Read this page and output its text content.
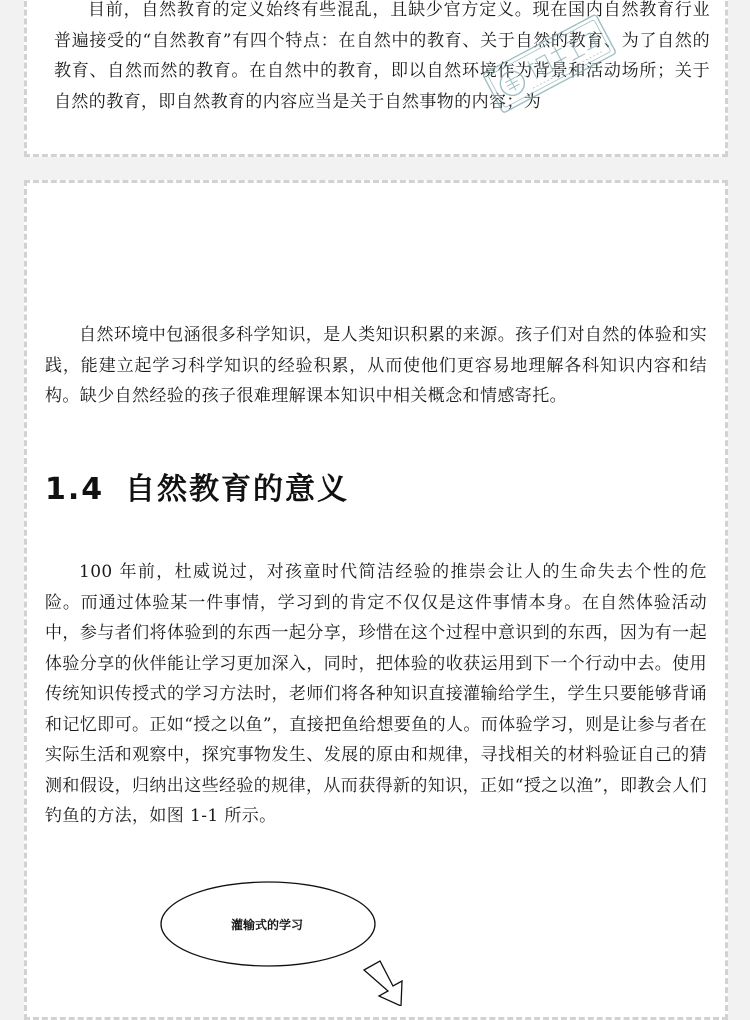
目前，自然教育的定义始终有些混乱，且缺少官方定义。现在国内自然教育行业普遍接受的“自然教育”有四个特点：在自然中的教育、关于自然的教育、为了自然的教育、自然而然的教育。在自然中的教育，即以自然环境作为背景和活动场所；关于自然的教育，即自然教育的内容应当是关于自然事物的内容；为

自然环境中包涵很多科学知识，是人类知识积累的来源。孩子们对自然的体验和实践，能建立起学习科学知识的经验积累，从而使他们更容易地理解各科知识内容和结构。缺少自然经验的孩子很难理解课本知识中相关概念和情感寄托。

1.4 自然教育的意义

100 年前，杜威说过，对孩童时代简洁经验的推崇会让人的生命失去个性的危险。而通过体验某一件事情，学习到的肯定不仅仅是这件事情本身。在自然体验活动中，参与者们将体验到的东西一起分享，珍惜在这个过程中意识到的东西，因为有一起体验分享的伙伴能让学习更加深入，同时，把体验的收获运用到下一个行动中去。使用传统知识传授式的学习方法时，老师们将各种知识直接灌输给学生，学生只要能够背诵和记忆即可。正如“授之以鱼”，直接把鱼给想要鱼的人。而体验学习，则是让参与者在实际生活和观察中，探究事物发生、发展的原由和规律，寻找相关的材料验证自己的猜测和假设，归纳出这些经验的规律，从而获得新的知识，正如“授之以渔”，即教会人们钓鱼的方法，如图 1-1 所示。

灌输式的学习
